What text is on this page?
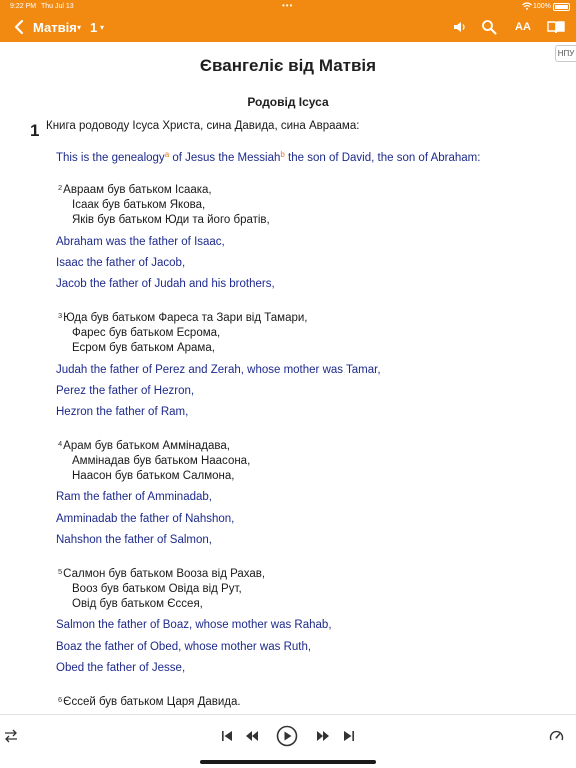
9:22 PM Thu Jul 13	•••	100%
Матвія ▾ 1 ▾	AA
НПУ
Євангеліє від Матвія
Родовід Ісуса
1 Книга родоводу Ісуса Христа, сина Давида, сина Авраама:
This is the genealogy$^a$ of Jesus the Messiah$^b$ the son of David, the son of Abraham:
$^2$Авраам був батьком Ісаака,
Ісаак був батьком Якова,
Яків був батьком Юди та його братів,
Abraham was the father of Isaac,
Isaac the father of Jacob,
Jacob the father of Judah and his brothers,
$^3$Юда був батьком Фареса та Зари від Тамари,
Фарес був батьком Есрома,
Есром був батьком Арама,
Judah the father of Perez and Zerah, whose mother was Tamar,
Perez the father of Hezron,
Hezron the father of Ram,
$^4$Арам був батьком Аммінадава,
Аммінадав був батьком Наасона,
Наасон був батьком Салмона,
Ram the father of Amminadab,
Amminadab the father of Nahshon,
Nahshon the father of Salmon,
$^5$Салмон був батьком Вооза від Рахав,
Вооз був батьком Овіда від Рут,
Овід був батьком Єссея,
Salmon the father of Boaz, whose mother was Rahab,
Boaz the father of Obed, whose mother was Ruth,
Obed the father of Jesse,
$^6$Єссей був батьком Царя Давида.
